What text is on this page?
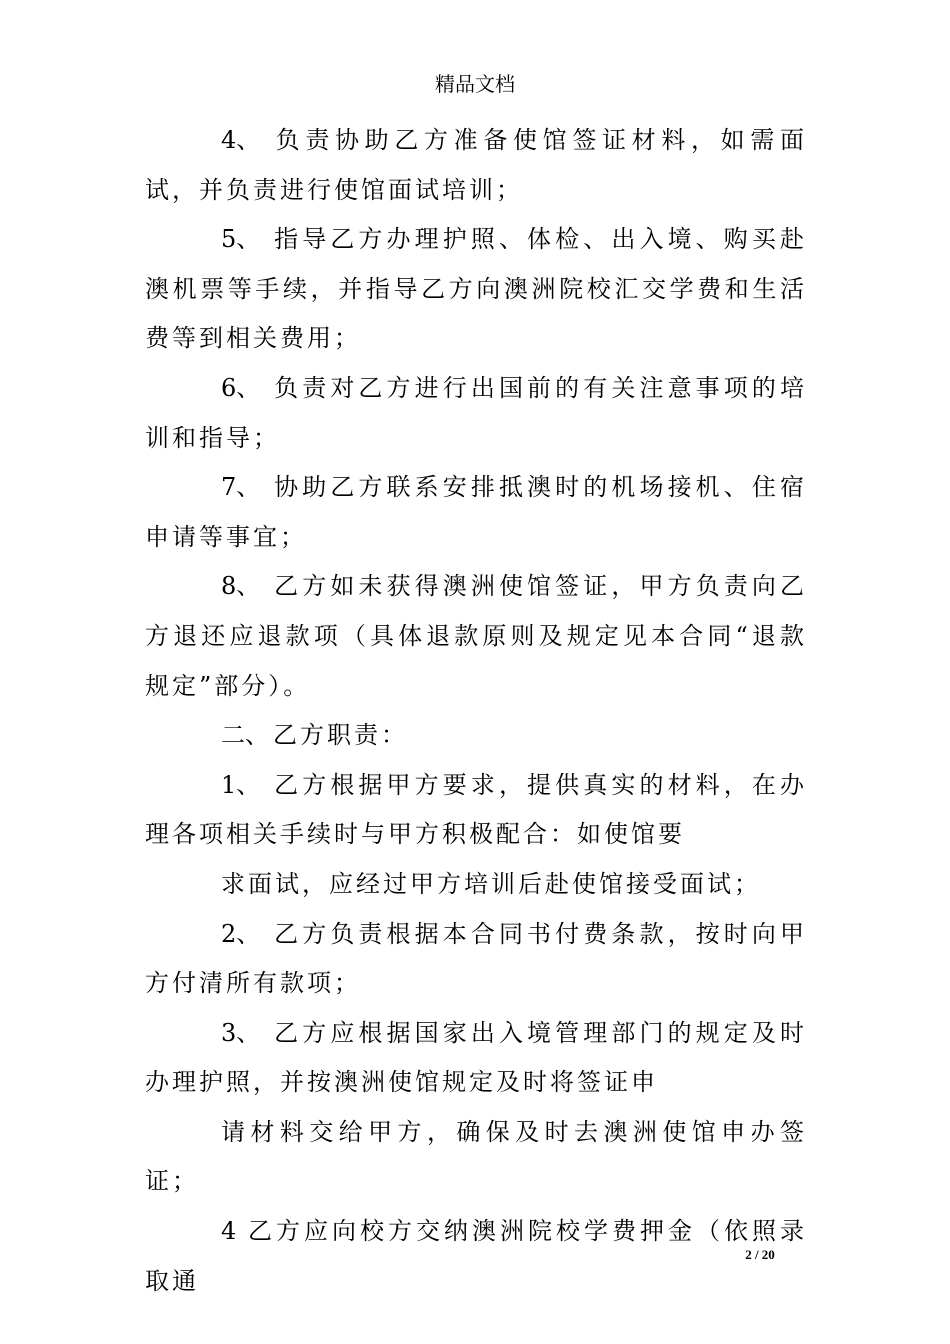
精品文档

4、 负责协助乙方准备使馆签证材料，如需面试，并负责进行使馆面试培训；

5、 指导乙方办理护照、体检、出入境、购买赴澳机票等手续，并指导乙方向澳洲院校汇交学费和生活费等到相关费用；

6、 负责对乙方进行出国前的有关注意事项的培训和指导；

7、 协助乙方联系安排抵澳时的机场接机、住宿申请等事宜；

8、 乙方如未获得澳洲使馆签证，甲方负责向乙方退还应退款项（具体退款原则及规定见本合同“退款规定”部分）。

二、 乙方职责：

1、 乙方根据甲方要求，提供真实的材料，在办理各项相关手续时与甲方积极配合：如使馆要

求面试，应经过甲方培训后赴使馆接受面试；

2、 乙方负责根据本合同书付费条款，按时向甲方付清所有款项；

3、 乙方应根据国家出入境管理部门的规定及时办理护照，并按澳洲使馆规定及时将签证申

请材料交给甲方，确保及时去澳洲使馆申办签证；

4 乙方应向校方交纳澳洲院校学费押金（依照录取通

2 / 20
